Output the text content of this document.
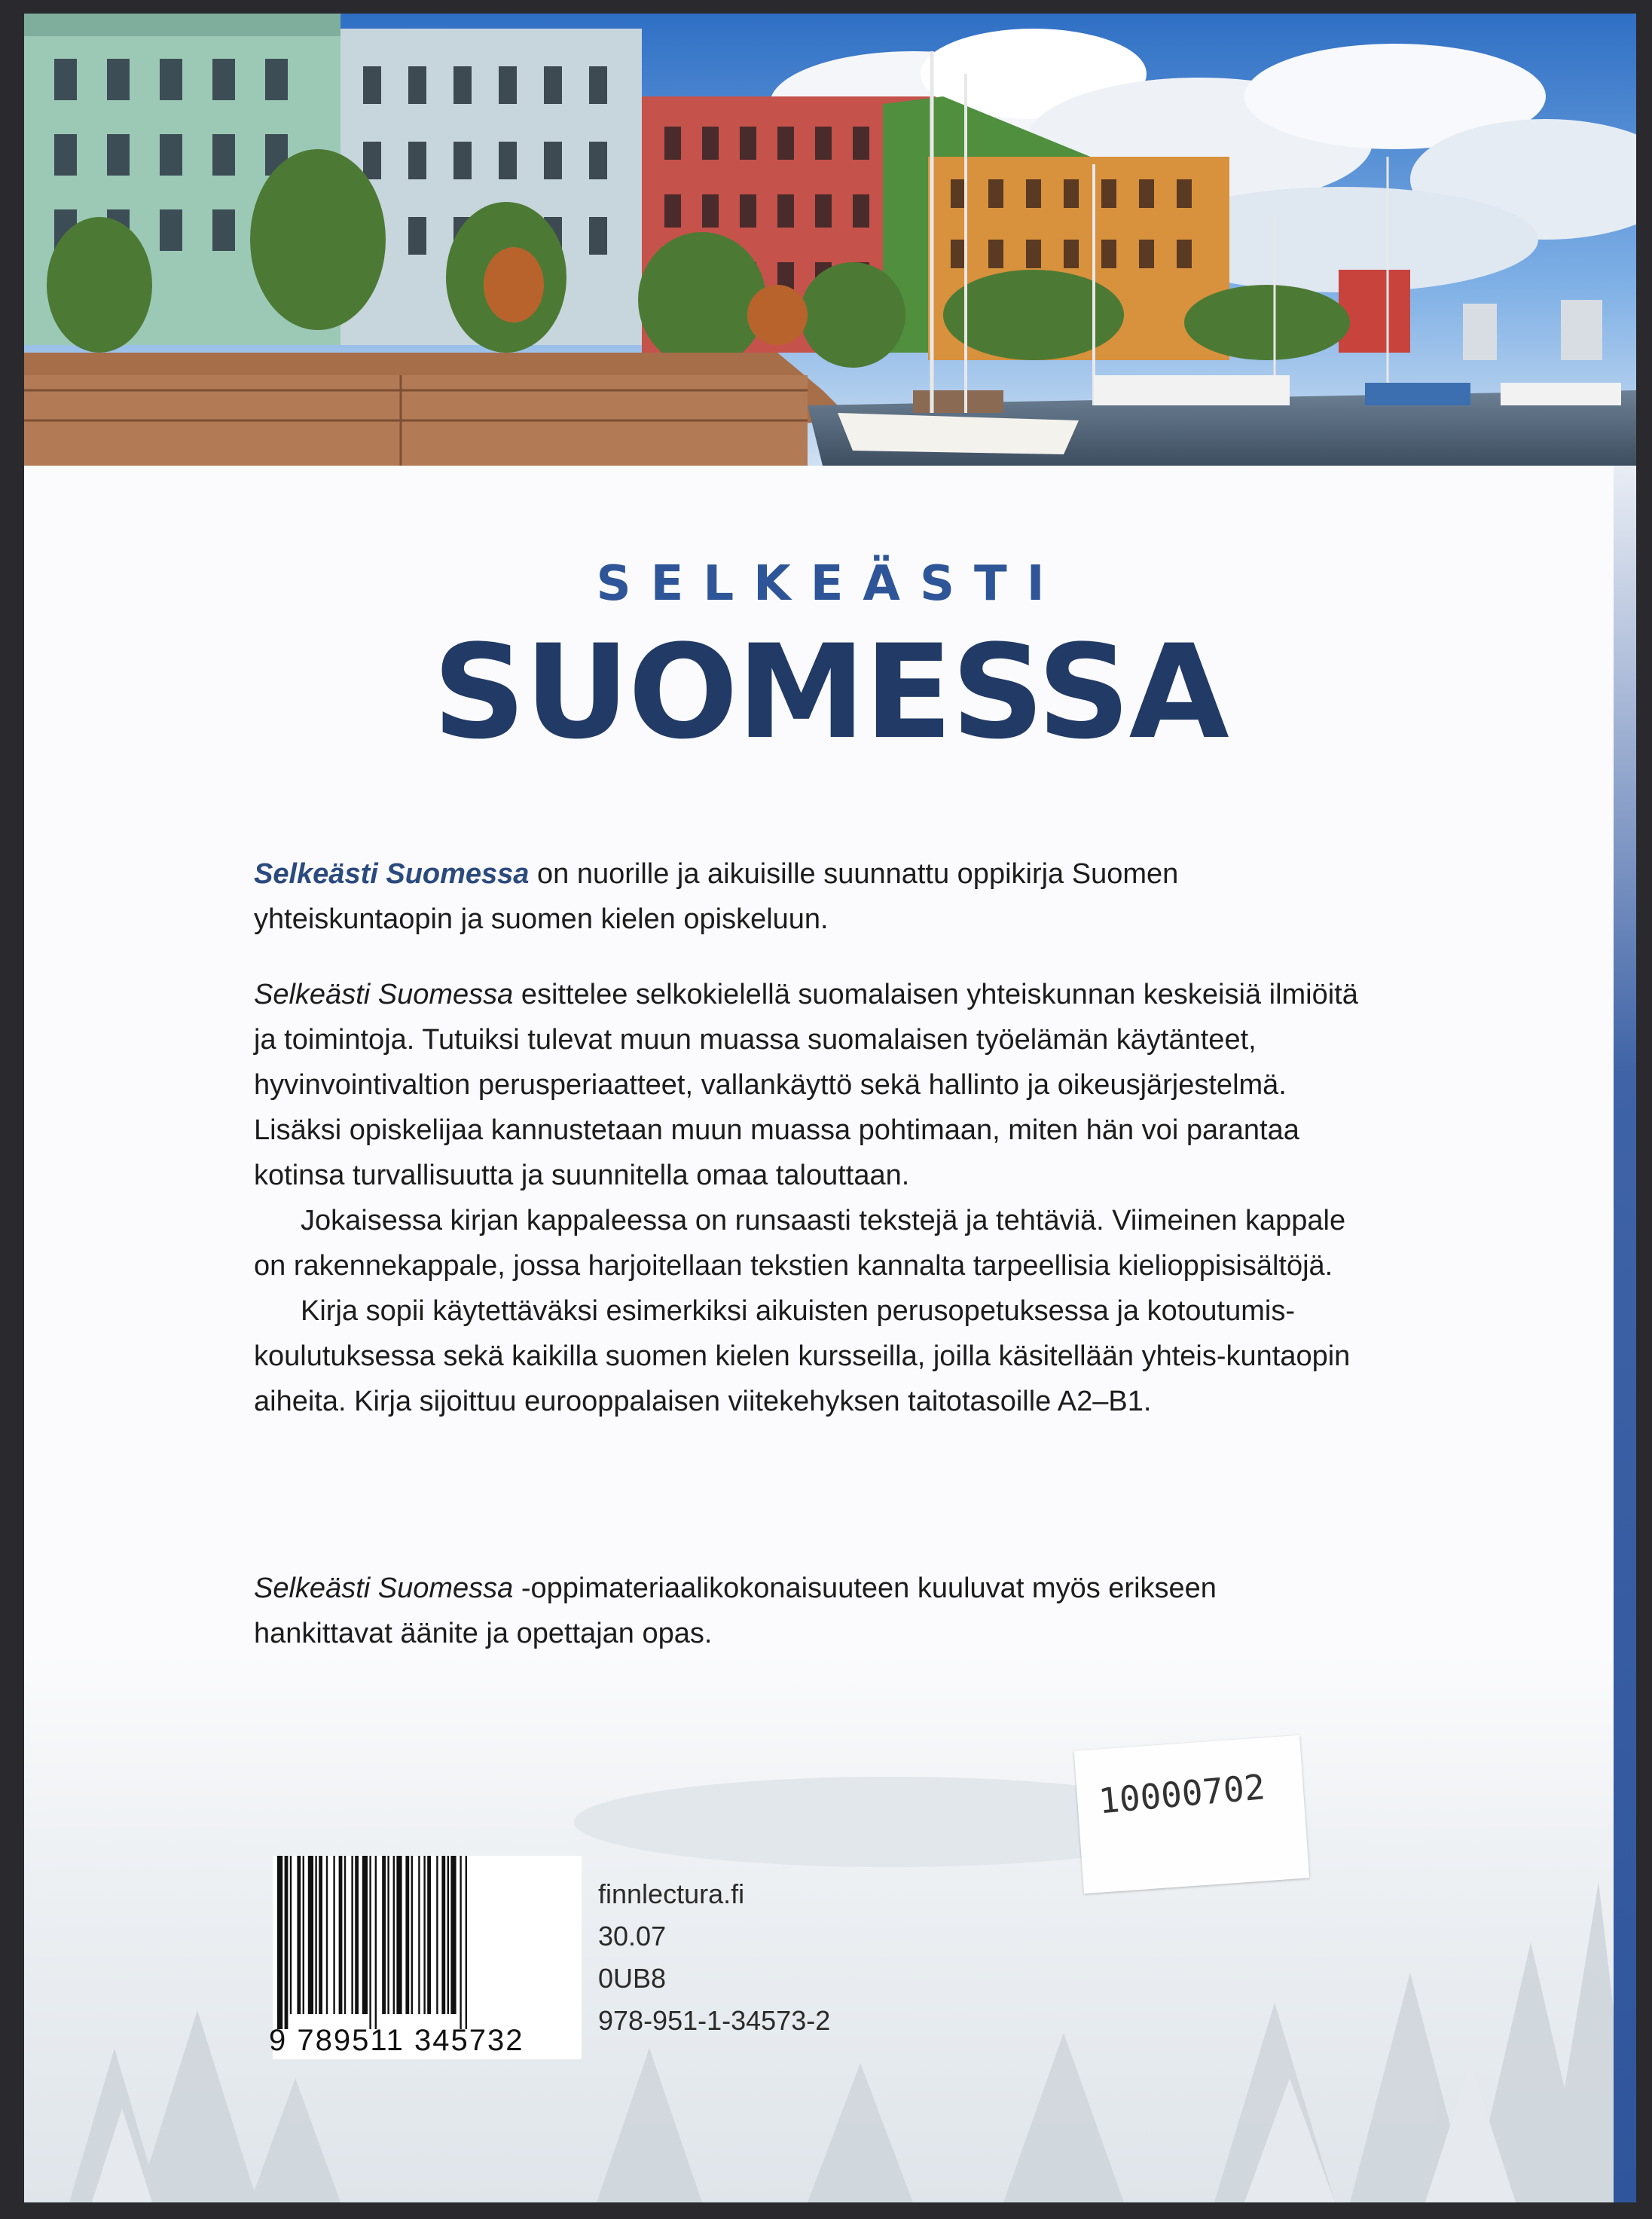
SELKEÄSTI
SUOMESSA

Selkeästi Suomessa on nuorille ja aikuisille suunnattu oppikirja Suomen yhteiskuntaopin ja suomen kielen opiskeluun.

Selkeästi Suomessa esittelee selkokielellä suomalaisen yhteiskunnan keskeisiä ilmiöitä ja toimintoja. Tutuiksi tulevat muun muassa suomalaisen työelämän käytänteet, hyvinvointivaltion perusperiaatteet, vallankäyttö sekä hallinto ja oikeusjärjestelmä. Lisäksi opiskelijaa kannustetaan muun muassa pohtimaan, miten hän voi parantaa kotinsa turvallisuutta ja suunnitella omaa talouttaan.

Jokaisessa kirjan kappaleessa on runsaasti tekstejä ja tehtäviä. Viimeinen kappale on rakennekappale, jossa harjoitellaan tekstien kannalta tarpeellisia kielioppisisältöjä.

Kirja sopii käytettäväksi esimerkiksi aikuisten perusopetuksessa ja kotoutumis-koulutuksessa sekä kaikilla suomen kielen kursseilla, joilla käsitellään yhteis-kuntaopin aiheita. Kirja sijoittuu eurooppalaisen viitekehyksen taitotasoille A2–B1.

Selkeästi Suomessa -oppimateriaalikokonaisuuteen kuuluvat myös erikseen hankittavat äänite ja opettajan opas.

10000702
9 789511 345732
finnlectura.fi
30.07
0UB8
978-951-1-34573-2
